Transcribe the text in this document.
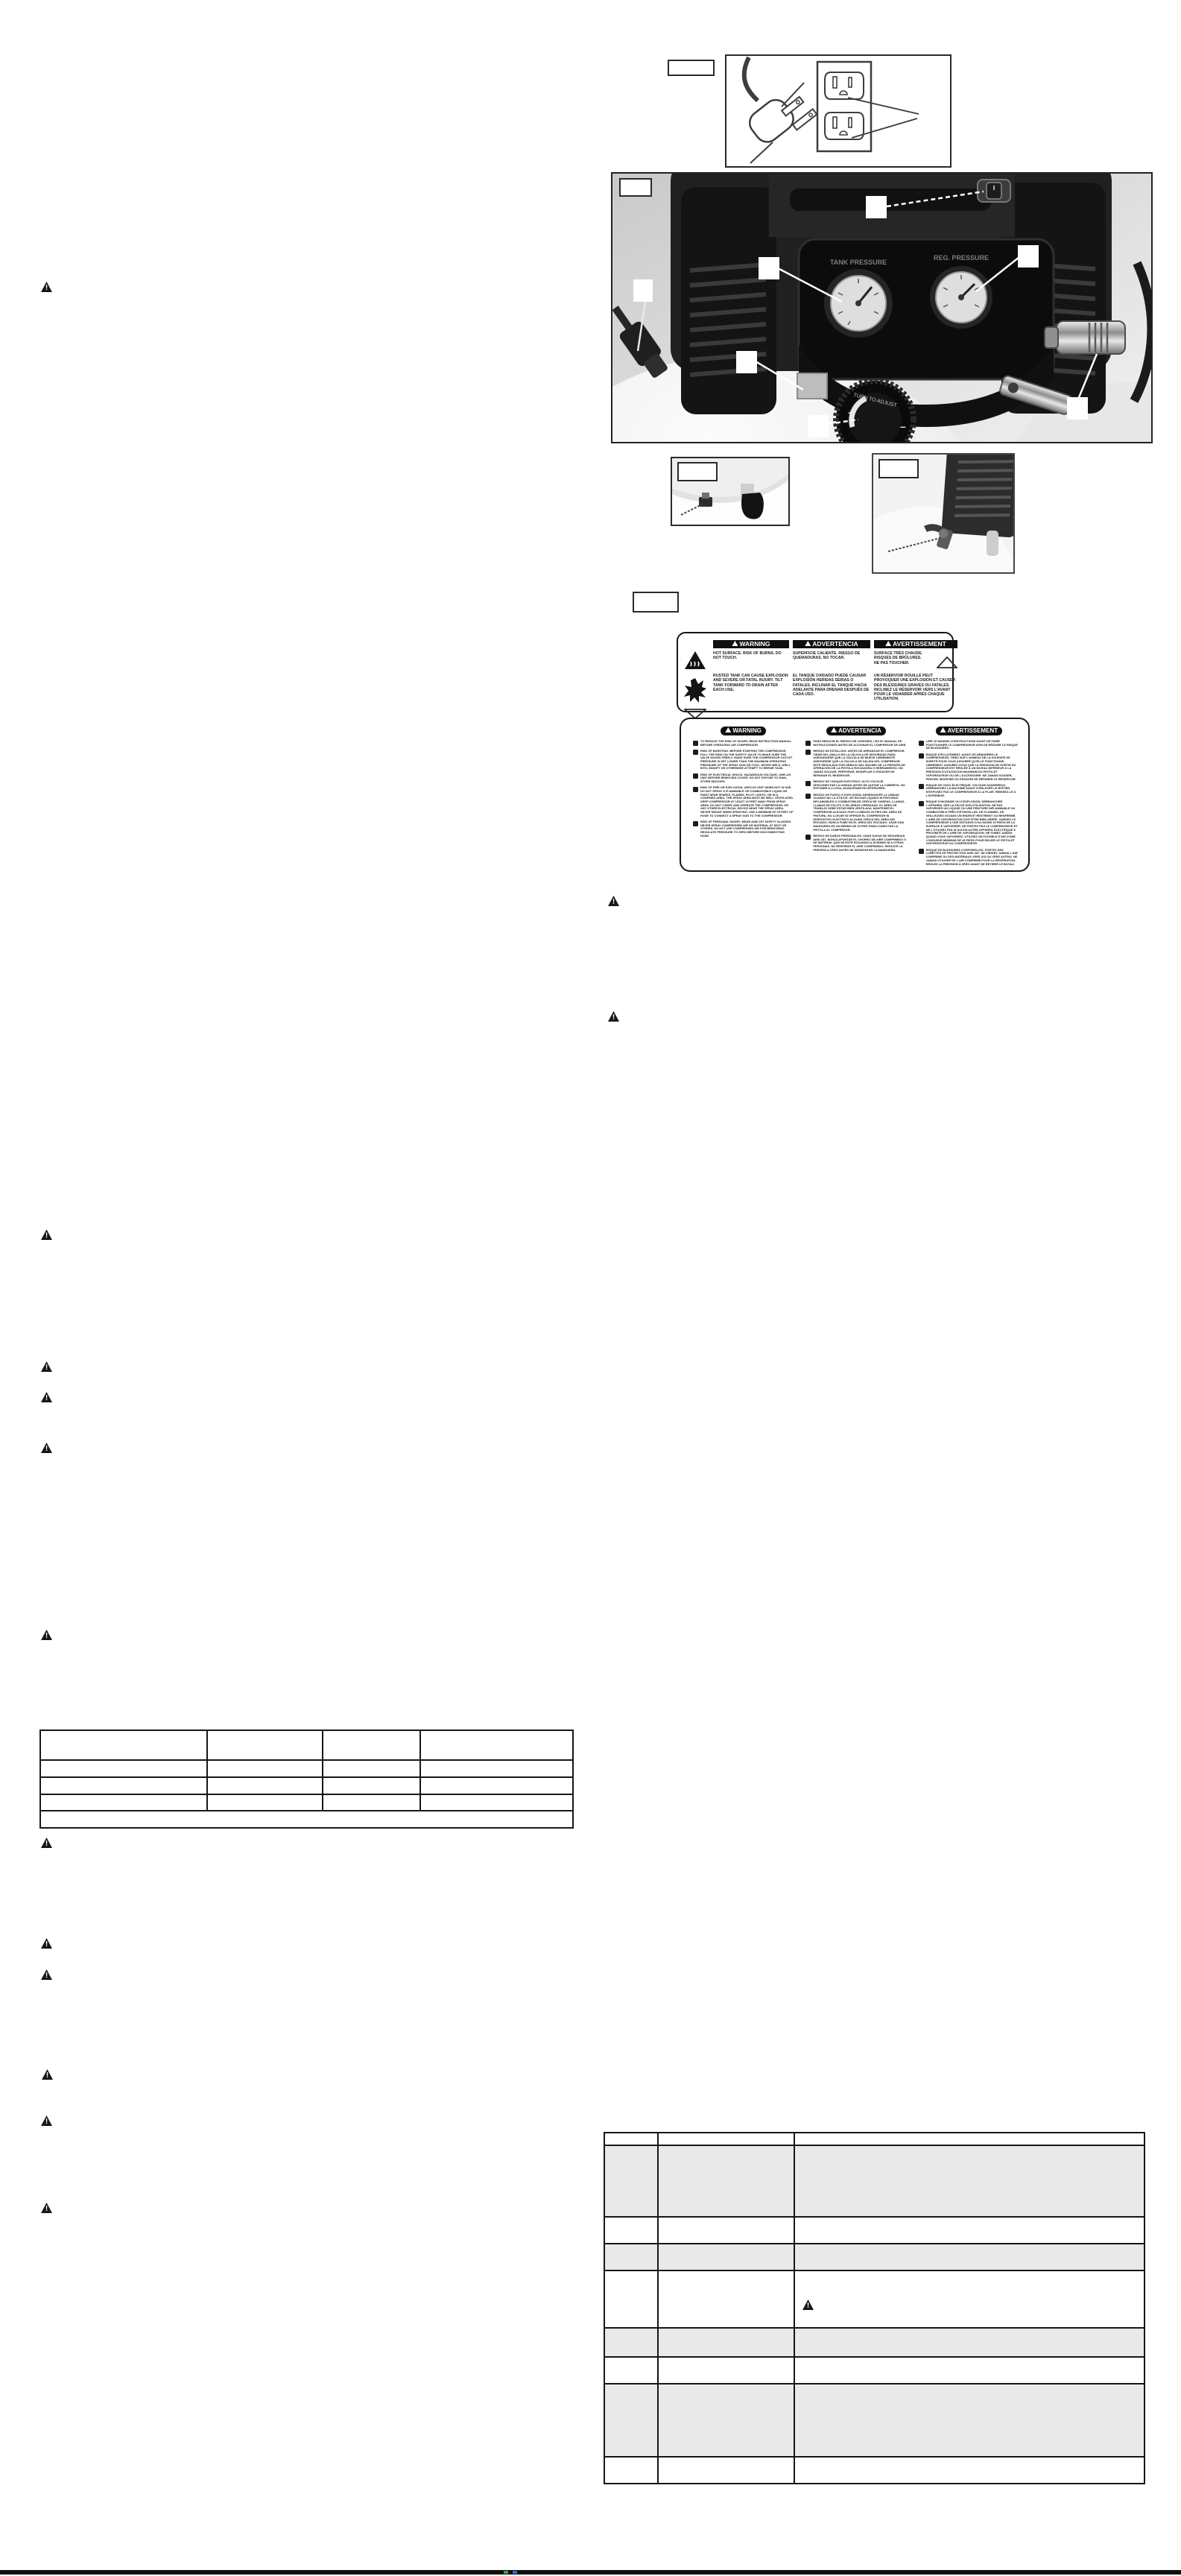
!
!
!
!
!
!
!
!
!
!
!
!
!
!
TANK PRESSURE
REG. PRESSURE
TURN TO ADJUST
+
–

WARNING
HOT SURFACE. RISK OF BURNS. DO NOT TOUCH.
RUSTED TANK CAN CAUSE EXPLOSION AND SEVERE OR FATAL INJURY. TILT TANK FORWARD TO DRAIN AFTER EACH USE.
ADVERTENCIA
SUPERFICIE CALIENTE. RIESGO DE QUEMADURAS. NO TOCAR.
EL TANQUE OXIDADO PUEDE CAUSAR EXPLOSIÓN HERIDAS SERIAS O FATALES. INCLINAR EL TANQUE HACIA ADELANTE PARA DRENAR DESPUÉS DE CADA USO.
AVERTISSEMENT
SURFACE TRÈS CHAUDE. RISQUES DE BRÛLURES. NE PAS TOUCHER.
UN RÉSERVOIR ROUILLÉ PEUT PROVOQUER UNE EXPLOSION ET CAUSER DES BLESSURES GRAVES OU FATALES. INCLINEZ LE RÉSERVOIR VERS L'AVANT POUR LE VIDANDER APRÈS CHAQUE UTILISATION.
WARNING
TO REDUCE THE RISK OF INJURY, READ INSTRUCTION MANUAL BEFORE OPERATING AIR COMPRESSOR.
RISK OF BURSTING. BEFORE STARTING THE COMPRESSOR, PULL THE RING ON THE SAFETY VALVE TO MAKE SURE THE VALVE MOVES FREELY. MAKE SURE THE COMPRESSOR OUTLET PRESSURE IS SET LOWER THAN THE MAXIMUM OPERATING PRESSURE OF THE SPRAY GUN OR TOOL. NEVER WELD, DRILL INTO, MODIFY OR OTHERWISE ATTEMPT TO REPAIR TANK.
RISK OF ELECTRICAL SHOCK. HAZARDOUS VOLTAGE. UNPLUG UNIT BEFORE REMOVING COVER. DO NOT EXPOSE TO RAIN, STORE INDOORS.
RISK OF FIRE OR EXPLOSION. UNPLUG UNIT WHEN NOT IN USE. DO NOT SPRAY A FLAMMABLE OR COMBUSTIBLE LIQUID OR PAINT NEAR SPARKS, FLAMES, PILOT LIGHTS, OR IN A CONFINED AREA. THE SPRAY AREA MUST BE WELL VENTILATED. KEEP COMPRESSOR AT LEAST 20 FEET AWAY FROM SPRAY AREA. DO NOT CARRY AND OPERATE THE COMPRESSOR, OR ANY OTHER ELECTRICAL DEVICE NEAR THE SPRAY AREA. NEVER SMOKE WHEN SPRAYING. USE A MINIMUM OF 25 FEET OF HOSE TO CONNECT A SPRAY GUN TO THE COMPRESSOR.
RISK OF PERSONAL INJURY. WEAR ANSI Z87 SAFETY GLASSES. NEVER SPRAY COMPRESSED AIR OR MATERIAL AT SELF OR OTHERS. DO NOT USE COMPRESSED AIR FOR BREATHING. REGULATE PRESSURE TO ZERO BEFORE DISCONNECTING HOSE.
ADVERTENCIA
PARA REDUCIR EL RIESGO DE LESIONES, LEA EL MANUAL DE INSTRUCCIONES ANTES DE ACCIONAR EL COMPRESOR DE AIRE.
RIESGO DE ESTALLIDO. ANTES DE ARRANCAR EL COMPRESOR, TIRAR DEL ANILLO EN LA VÁLVULA DE SEGURIDAD PARA ASEGURARSE QUE LA VÁLVULA SE MUEVE LIBREMENTE. ASEGÚRESE QUE LA VÁLVULA DE SALIDA DEL COMPRESOR ESTÉ REGULADA POR DEBAJO DEL MÁXIMO DE LA PRESIÓN DE OPERACIÓN DE LA PISTOLA ROCIADORA O HERRAMIENTA. NO JAMÁS SOLDAR, PERFORAR, MODIFICAR O ESSAYER DE REPARAR EL RESERVOIR.
RIESGO DE CHOQUE ELÉCTRICO. ALTO VOLTAJE. DESCONECTAR LA UNIDAD ANTES DE QUITAR LA CUBIERTA. NO EXPONER A LLUVIA, ALMACENAR EN INTERIORES.
RIESGO DE FUEGO O EXPLOSIÓN. DESENCHUFE LA UNIDAD CUANDO NO LA UTILICE. NO ROCIAR LÍQUIDO NI PINTURAS INFLAMABLES O COMBUSTIBLES CERCA DE CHISPAS, LLAMAS, LLAMAS DE PILOTO O EN ÁREAS CERRADAS. EL ÁREA DE TRABAJO DEBE ESTAR BIEN VENTILADA. MANTENER EL COMPRESOR ALEJADO POR LO MENOS 20 PIES DEL ÁREA DE PINTURA. NO LLEVAR NI OPERAR EL COMPRESOR NI DISPOSITIVO ELÉCTRICO ALGUNO CERCA DEL ÁREA DEL ROCIADO. NUNCA FUME EN EL ÁREA DEL ROCIADO. USAR UNA MANGUERA DE UN MÍNIMO DE 25 PIES PARA CONECTAR LA PISTOLA AL COMPRESOR.
RIESGO DE DAÑOS PERSONALES. USAR GAFAS DE SEGURIDAD ANSI Z87. NUNCA APUNTAR EL CHORRO DE AIRE COMPRIMIDO O DE MATERIAL QUE SE ESTÉ ROCIANDO A SÍ MISMO NI A OTRAS PERSONAS. NO RESPIRAR EL AIRE COMPRIMIDO. REDUCIR LA PRESIÓN A CERO ANTES DE DESMONTAR LA MANGUERA.
AVERTISSEMENT
LIRE LE MANUEL D'INSTRUCTIONS AVANT DE FAIRE FONCTIONNER LE COMPRESSEUR AFIN DE RÉDUIRE LE RISQUE DE BLESSURES.
RISQUE D'ÉCLATEMENT. AVANT DE DÉMARRER LE COMPRESSEUR, TIREZ SUR L'ANNEAU DE LA SOUPAPE DE SÛRETÉ POUR VOUS ASSURER QU'ELLE FONCTIONNE LIBREMENT. ASSUREZ-VOUS QUE LA PRESSION DE SORTIE DU COMPRESSEUR EST RÉGLÉE À UN NIVEAU INFÉRIEUR À LA PRESSION D'UTILISATION MAXIMUM DU PISTOLET VAPORISATEUR OU DE L'ACCESSOIRE. NE JAMAIS SOUDER, PERCER, MODIFIER OU ESSAYER DE RÉPARER LE RÉSERVOIR.
RISQUE DE CHOC ÉLECTRIQUE. VOLTAGE DANGEREUX. DÉBRANCHEZ LA MACHINE AVANT D'ENLEVER LE BOÎTIER. N'EXPOSEZ PAS LE COMPRESSEUR À LA PLUIE. REMISEZ-LE À L'INTÉRIEUR.
RISQUE D'INCENDIE OU D'EXPLOSION. DÉBRANCHER L'APPAREIL DÈS LA FIN DE SON UTILISATION. NE PAS VAPORISER UN LIQUIDE OU UNE PEINTURE INFLAMMABLE OU COMBUSTIBLE PRÈS D'ÉTINCELLES, DE FLAMMES, DE VEILLEUSES NI DANS UN ENDROIT RESTREINT OU RENFERMÉ. L'AIRE DE VAPORISATION DOIT ÊTRE BIEN AÉRÉE. GARDEZ LE COMPRESSEUR À UNE DISTANCE D'AU MOINS 20 PIEDS DE LA SURFACE À VAPORISER. NE PORTEZ PAS LE COMPRESSEUR ET NE L'UTILISEZ PAS NI AUCUN AUTRE APPAREIL ÉLECTRIQUE À PROXIMITÉ DE L'AIRE DE VAPORISATION. NE FUMEZ JAMAIS QUAND VOUS VAPORISEZ. UTILISEZ UN FLEXIBLE D'AIR D'UNE LONGUEUR MINIMUM DE 25 PIEDS POUR RELIER LE PISTOLET VAPORISATEUR AU COMPRESSEUR.
RISQUE DE BLESSURES CORPORELLES. PORTEZ DES LUNETTES DE PROTECTION ANSI Z87. NE DIRIGEZ JAMAIS L'AIR COMPRIMÉ OU DES MATÉRIAUX VERS SOI OU VERS AUTRUI. NE JAMAIS UTILISER DE L'AIR COMPRIMÉ POUR LA RESPIRATION. RÉGLEZ LA PRESSION À ZÉRO AVANT DE RETIRER LE BOYAU.

!
